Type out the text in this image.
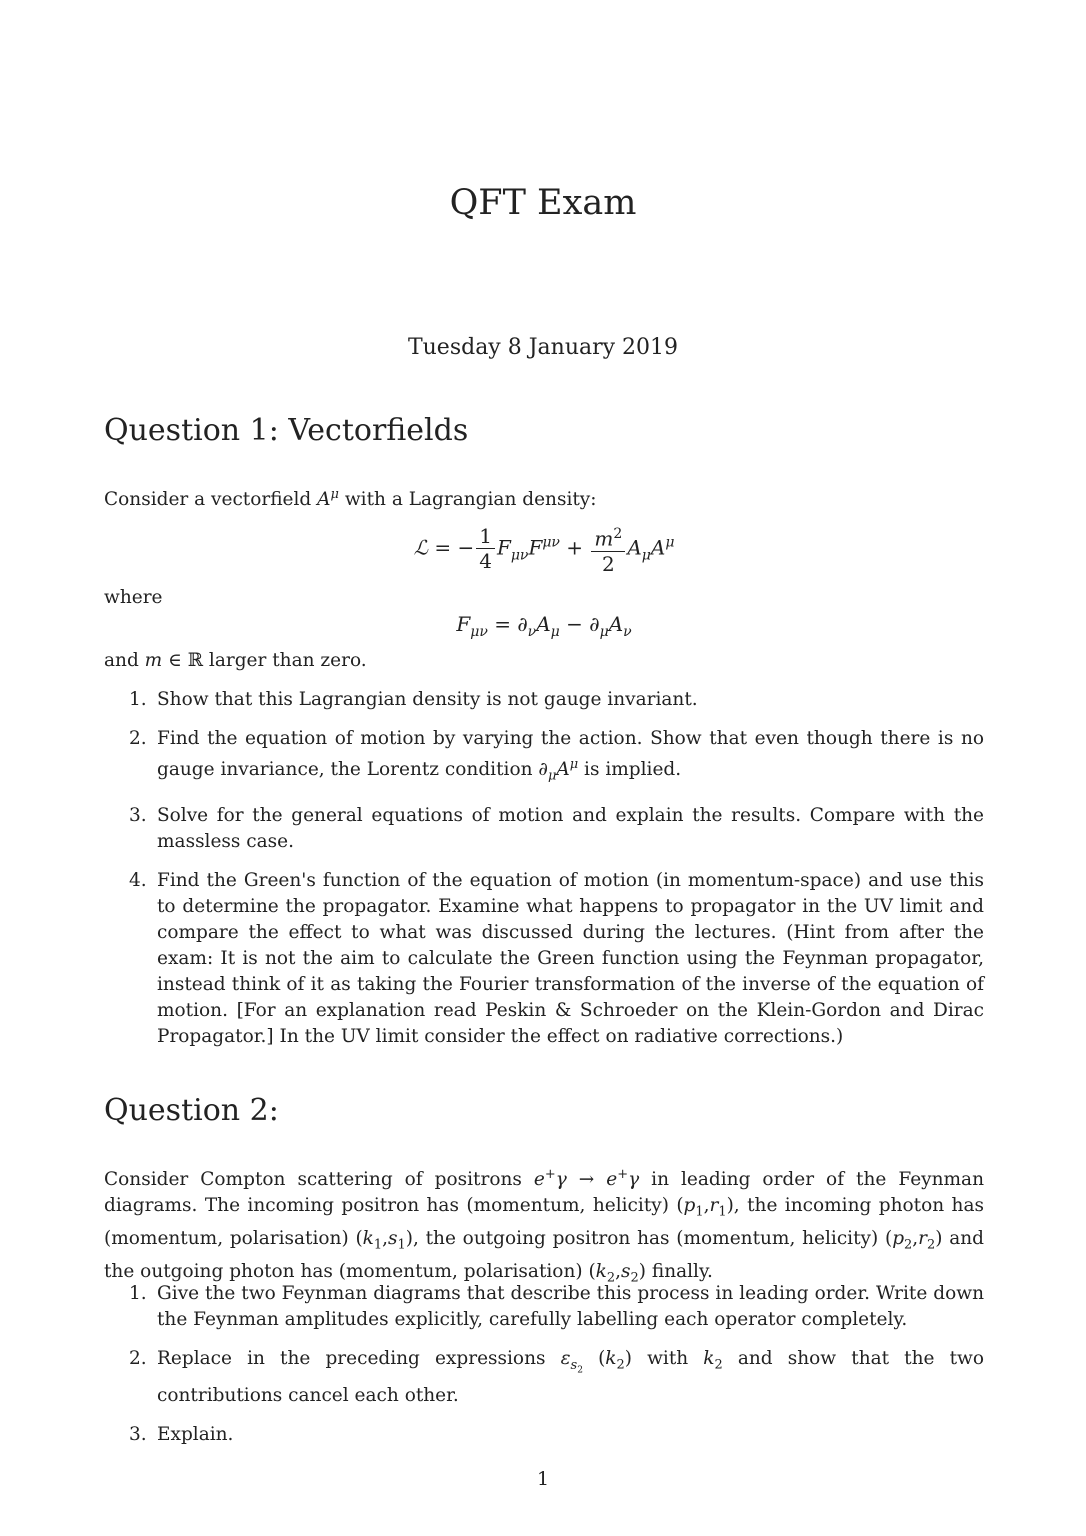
QFT Exam
Tuesday 8 January 2019
Question 1: Vectorfields
Consider a vectorfield $A^\mu$ with a Lagrangian density:
ℒ = − $\frac{1}{4} F_{\mu\nu}F^{\mu\nu} + \frac{m^2}{2} A_\mu A^\mu$
where
$F_{\mu\nu} = \partial_\nu A_\mu - \partial_\mu A_\nu$
and m ∈ ℝ larger than zero.
1. Show that this Lagrangian density is not gauge invariant.
2. Find the equation of motion by varying the action. Show that even though there is no gauge invariance, the Lorentz condition $\partial_\mu A^\mu$ is implied.
3. Solve for the general equations of motion and explain the results. Compare with the massless case.
4. Find the Green's function of the equation of motion (in momentum-space) and use this to determine the propagator. Examine what happens to propagator in the UV limit and compare the effect to what was discussed during the lectures. (Hint from after the exam: It is not the aim to calculate the Green function using the Feynman propagator, instead think of it as taking the Fourier transformation of the inverse of the equation of motion. [For an explanation read Peskin & Schroeder on the Klein-Gordon and Dirac Propagator.] In the UV limit consider the effect on radiative corrections.)
Question 2:
Consider Compton scattering of positrons e+γ → e+γ in leading order of the Feynman diagrams. The incoming positron has (momentum, helicity) $(p_1,r_1)$, the incoming photon has (momentum, polarisation) $(k_1,s_1)$, the outgoing positron has (momentum, helicity) $(p_2,r_2)$ and the outgoing photon has (momentum, polarisation) $(k_2,s_2)$ finally.
1. Give the two Feynman diagrams that describe this process in leading order. Write down the Feynman amplitudes explicitly, carefully labelling each operator completely.
2. Replace in the preceding expressions $\varepsilon_{s_2}$ $(k_2)$ with $k_2$ and show that the two contributions cancel each other.
3. Explain.
1
